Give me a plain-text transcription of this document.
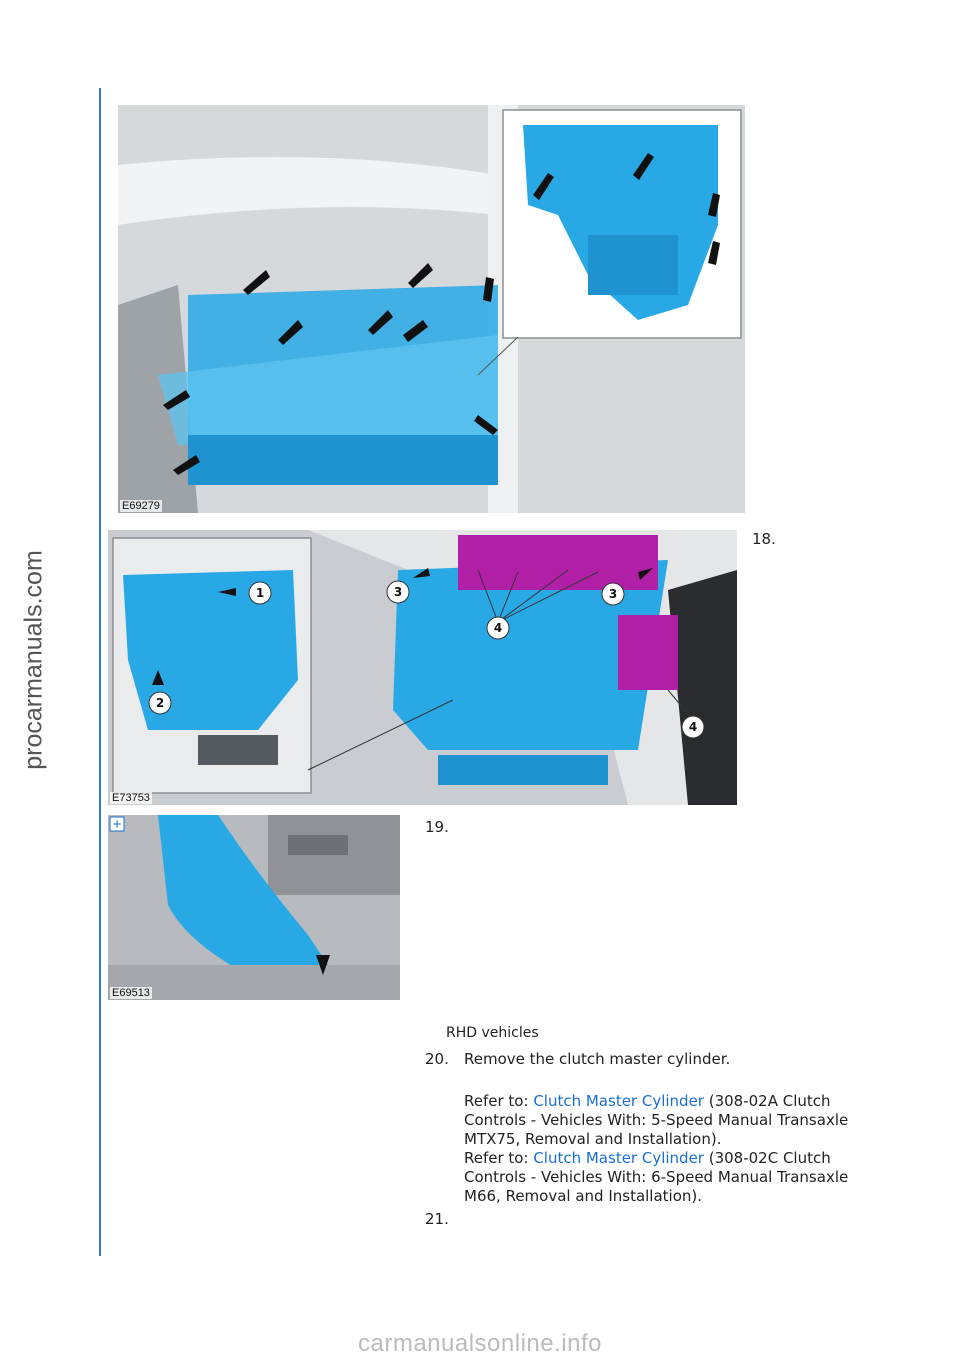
procarmanuals.com
E69279
18.
1
2
3	3
4
4
E73753
+
E69513
19.
RHD vehicles
20. Remove the clutch master cylinder.
Refer to: Clutch Master Cylinder (308-02A Clutch
Controls - Vehicles With: 5-Speed Manual Transaxle
MTX75, Removal and Installation).
Refer to: Clutch Master Cylinder (308-02C Clutch
Controls - Vehicles With: 6-Speed Manual Transaxle
M66, Removal and Installation).
21.
carmanualsonline.info
